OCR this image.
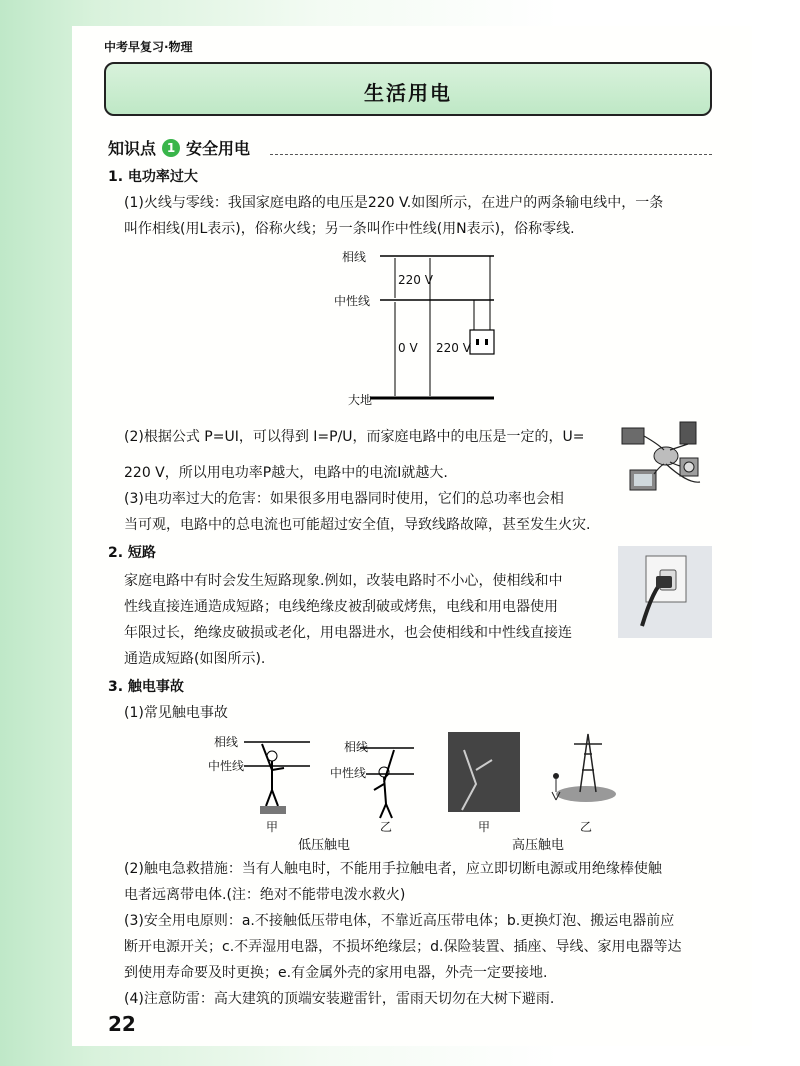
中考早复习·物理
生活用电
知识点 1 安全用电
1. 电功率过大
(1)火线与零线：我国家庭电路的电压是220 V.如图所示，在进户的两条输电线中，一条
叫作相线(用L表示)，俗称火线；另一条叫作中性线(用N表示)，俗称零线.
相线
中性线
大地
220 V
0 V 220 V
(2)根据公式 P=UI，可以得到 I=P/U，而家庭电路中的电压是一定的，U=
220 V，所以用电功率P越大，电路中的电流I就越大.
(3)电功率过大的危害：如果很多用电器同时使用，它们的总功率也会相
当可观，电路中的总电流也可能超过安全值，导致线路故障，甚至发生火灾.
2. 短路
家庭电路中有时会发生短路现象.例如，改装电路时不小心，使相线和中
性线直接连通造成短路；电线绝缘皮被刮破或烤焦，电线和用电器使用
年限过长，绝缘皮破损或老化，用电器进水，也会使相线和中性线直接连
通造成短路(如图所示).
3. 触电事故
(1)常见触电事故
相线
中性线
相线
中性线
甲	乙	甲	乙
低压触电	高压触电
(2)触电急救措施：当有人触电时，不能用手拉触电者，应立即切断电源或用绝缘棒使触
电者远离带电体.(注：绝对不能带电泼水救火)
(3)安全用电原则：a.不接触低压带电体，不靠近高压带电体；b.更换灯泡、搬运电器前应
断开电源开关；c.不弄湿用电器，不损坏绝缘层；d.保险装置、插座、导线、家用电器等达
到使用寿命要及时更换；e.有金属外壳的家用电器，外壳一定要接地.
(4)注意防雷：高大建筑的顶端安装避雷针，雷雨天切勿在大树下避雨.
22
